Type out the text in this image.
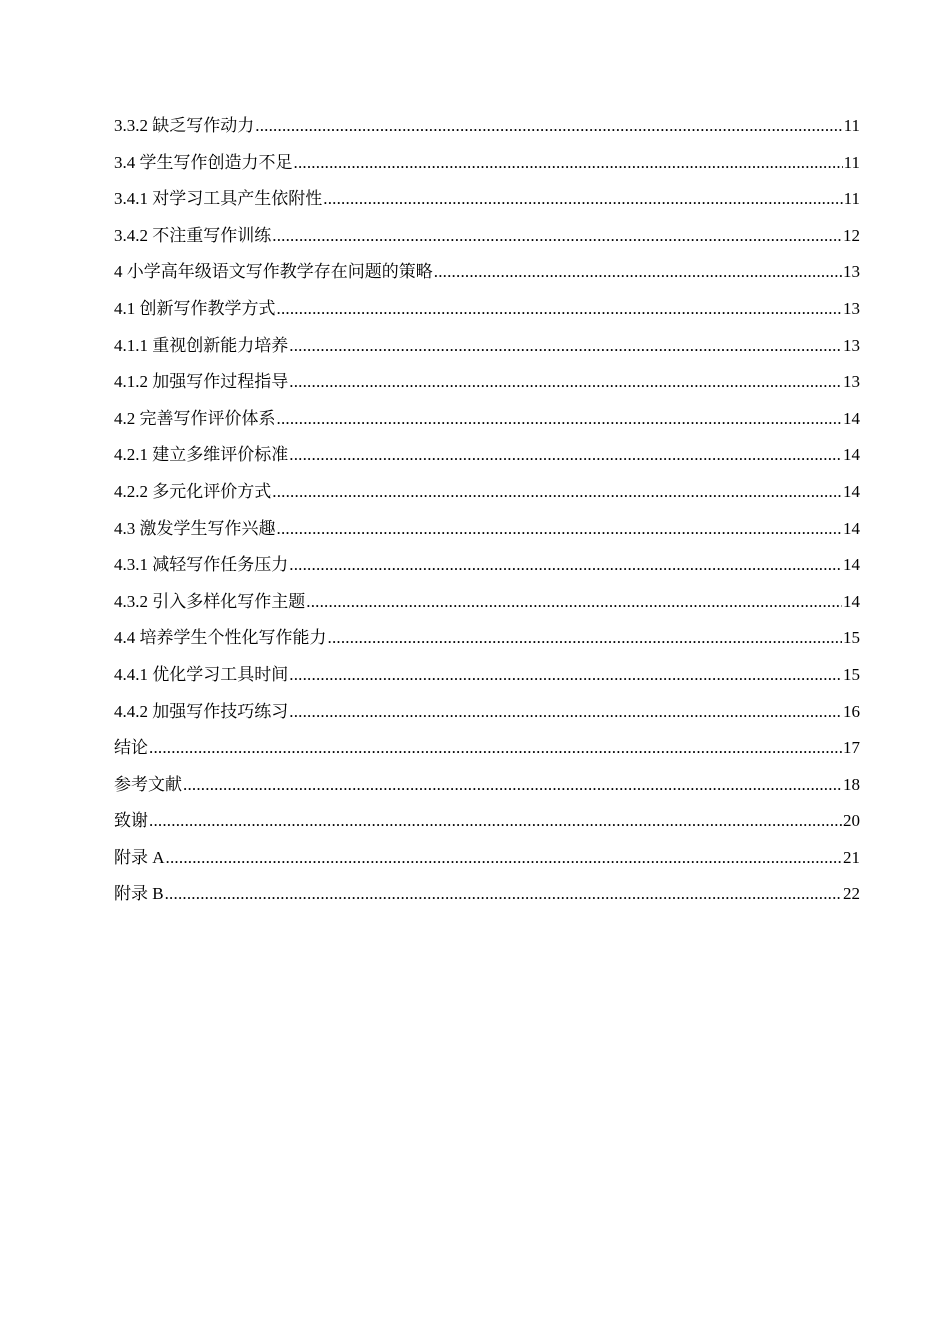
3.3.2 缺乏写作动力 .....	11
3.4 学生写作创造力不足 .....	11
3.4.1 对学习工具产生依附性 .....	11
3.4.2 不注重写作训练 .....	12
4 小学高年级语文写作教学存在问题的策略 .....	13
4.1 创新写作教学方式 .....	13
4.1.1 重视创新能力培养 .....	13
4.1.2 加强写作过程指导 .....	13
4.2 完善写作评价体系 .....	14
4.2.1 建立多维评价标准 .....	14
4.2.2 多元化评价方式 .....	14
4.3 激发学生写作兴趣 .....	14
4.3.1 减轻写作任务压力 .....	14
4.3.2 引入多样化写作主题 .....	14
4.4 培养学生个性化写作能力 .....	15
4.4.1 优化学习工具时间 .....	15
4.4.2 加强写作技巧练习 .....	16
结论 .....	17
参考文献 .....	18
致谢 .....	20
附录 A .....	21
附录 B .....	22
